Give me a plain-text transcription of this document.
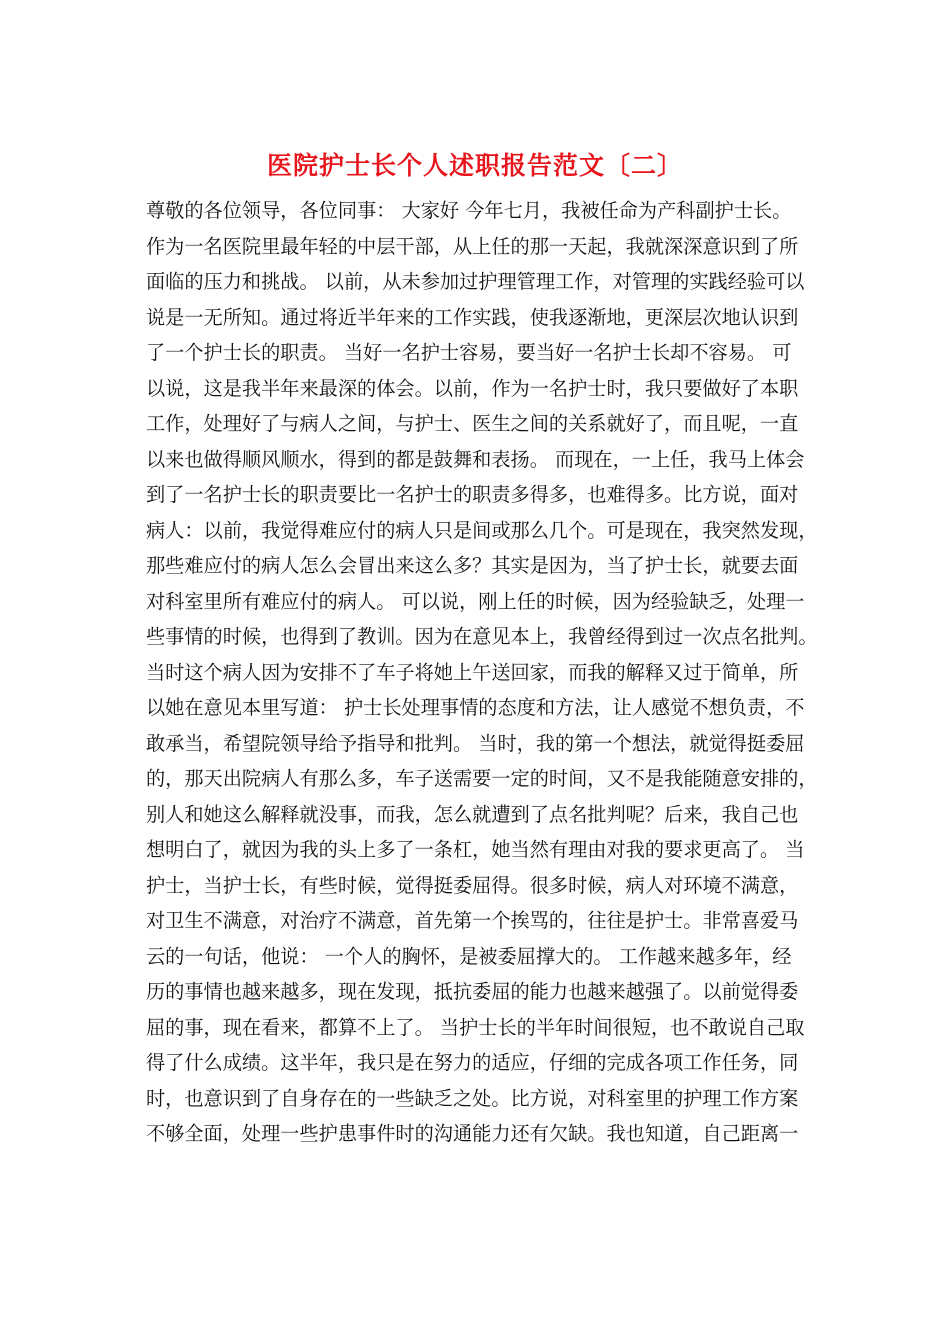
医院护士长个人述职报告范文〔二〕
尊敬的各位领导，各位同事： 大家好 今年七月，我被任命为产科副护士长。
作为一名医院里最年轻的中层干部，从上任的那一天起，我就深深意识到了所
面临的压力和挑战。 以前，从未参加过护理管理工作，对管理的实践经验可以
说是一无所知。通过将近半年来的工作实践，使我逐渐地，更深层次地认识到
了一个护士长的职责。 当好一名护士容易，要当好一名护士长却不容易。 可
以说，这是我半年来最深的体会。以前，作为一名护士时，我只要做好了本职
工作，处理好了与病人之间，与护士、医生之间的关系就好了，而且呢，一直
以来也做得顺风顺水，得到的都是鼓舞和表扬。 而现在，一上任，我马上体会
到了一名护士长的职责要比一名护士的职责多得多，也难得多。比方说，面对
病人：以前，我觉得难应付的病人只是间或那么几个。可是现在，我突然发现，
那些难应付的病人怎么会冒出来这么多？其实是因为，当了护士长，就要去面
对科室里所有难应付的病人。 可以说，刚上任的时候，因为经验缺乏，处理一
些事情的时候，也得到了教训。因为在意见本上，我曾经得到过一次点名批判。
当时这个病人因为安排不了车子将她上午送回家，而我的解释又过于简单，所
以她在意见本里写道： 护士长处理事情的态度和方法，让人感觉不想负责，不
敢承当，希望院领导给予指导和批判。 当时，我的第一个想法，就觉得挺委屈
的，那天出院病人有那么多，车子送需要一定的时间，又不是我能随意安排的，
别人和她这么解释就没事，而我，怎么就遭到了点名批判呢？后来，我自己也
想明白了，就因为我的头上多了一条杠，她当然有理由对我的要求更高了。 当
护士，当护士长，有些时候，觉得挺委屈得。很多时候，病人对环境不满意，
对卫生不满意，对治疗不满意，首先第一个挨骂的，往往是护士。非常喜爱马
云的一句话，他说： 一个人的胸怀，是被委屈撑大的。 工作越来越多年，经
历的事情也越来越多，现在发现，抵抗委屈的能力也越来越强了。以前觉得委
屈的事，现在看来，都算不上了。 当护士长的半年时间很短，也不敢说自己取
得了什么成绩。这半年，我只是在努力的适应，仔细的完成各项工作任务，同
时，也意识到了自身存在的一些缺乏之处。比方说，对科室里的护理工作方案
不够全面，处理一些护患事件时的沟通能力还有欠缺。我也知道，自己距离一
